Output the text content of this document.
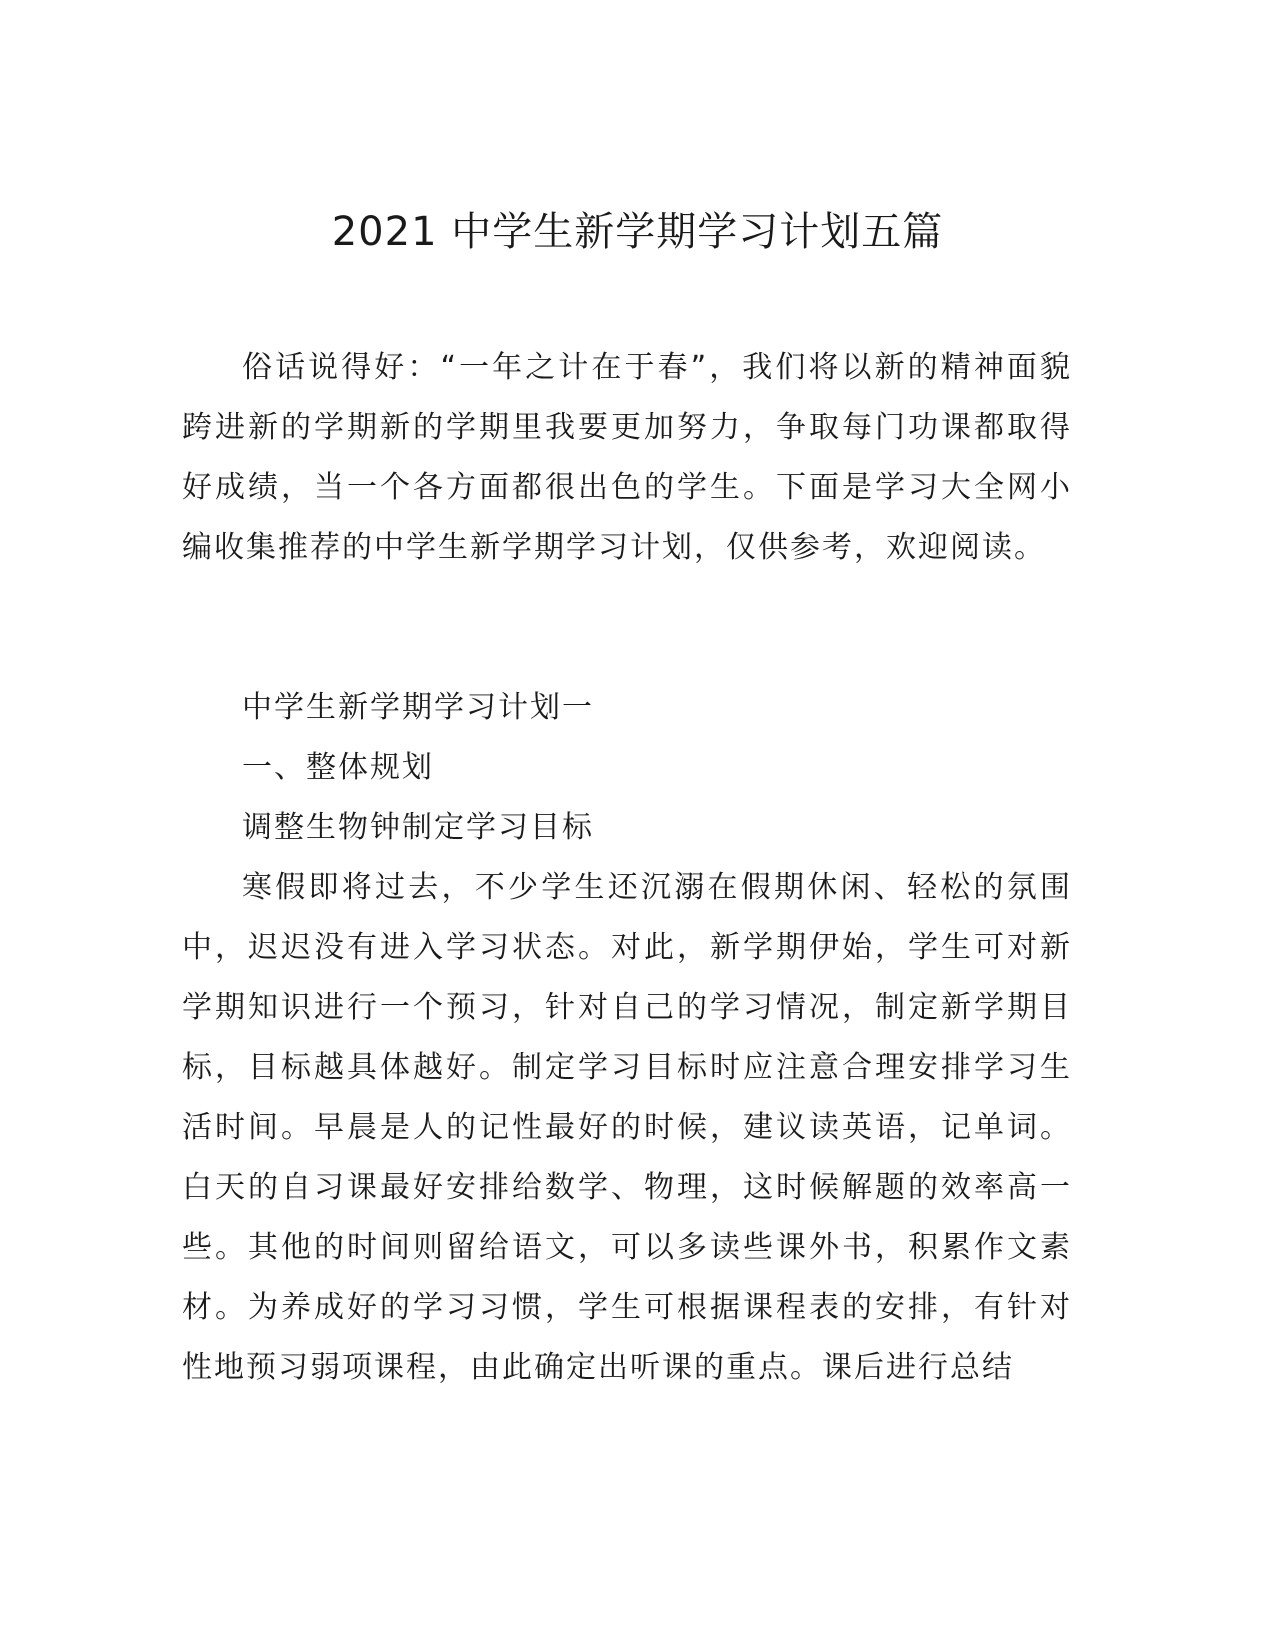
2021 中学生新学期学习计划五篇

俗话说得好：“一年之计在于春”，我们将以新的精神面貌跨进新的学期新的学期里我要更加努力，争取每门功课都取得好成绩，当一个各方面都很出色的学生。下面是学习大全网小编收集推荐的中学生新学期学习计划，仅供参考，欢迎阅读。

中学生新学期学习计划一

一、整体规划

调整生物钟制定学习目标

寒假即将过去，不少学生还沉溺在假期休闲、轻松的氛围中，迟迟没有进入学习状态。对此，新学期伊始，学生可对新学期知识进行一个预习，针对自己的学习情况，制定新学期目标，目标越具体越好。制定学习目标时应注意合理安排学习生活时间。早晨是人的记性最好的时候，建议读英语，记单词。白天的自习课最好安排给数学、物理，这时候解题的效率高一些。其他的时间则留给语文，可以多读些课外书，积累作文素材。为养成好的学习习惯，学生可根据课程表的安排，有针对性地预习弱项课程，由此确定出听课的重点。课后进行总结
